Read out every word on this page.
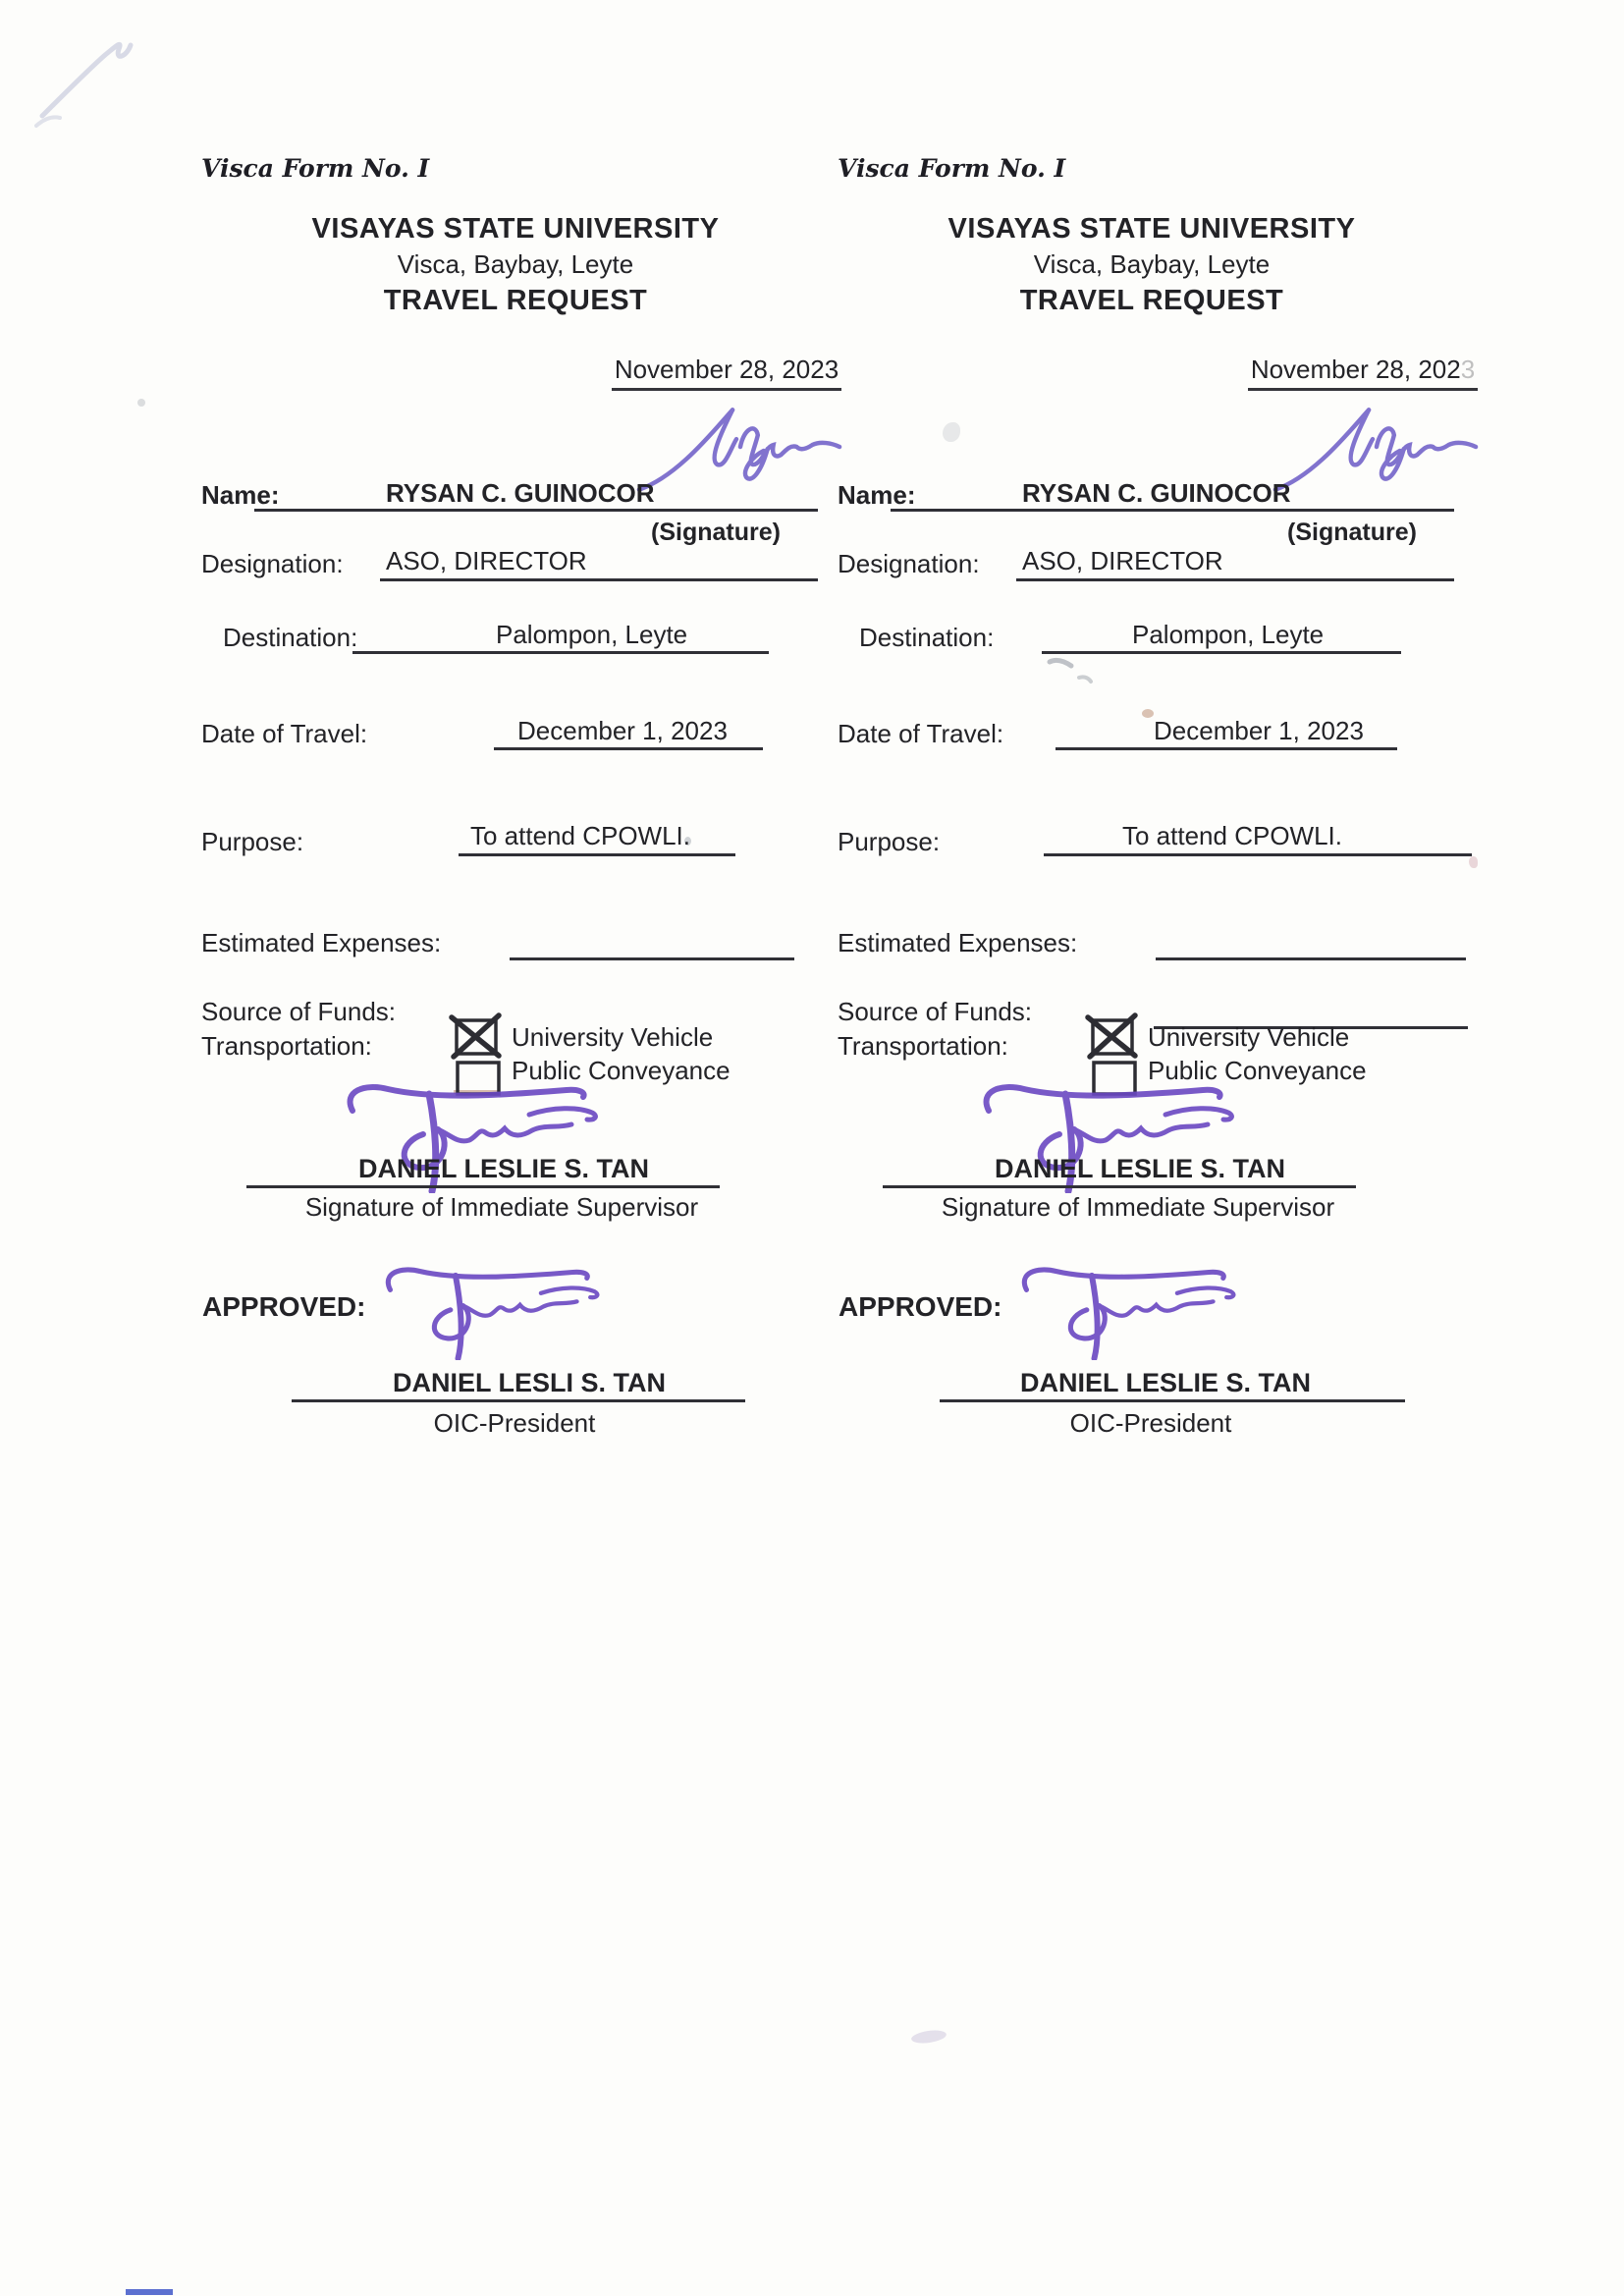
Visca Form No. I
VISAYAS STATE UNIVERSITY
Visca, Baybay, Leyte
TRAVEL REQUEST
November 28, 2023
Name:	RYSAN C. GUINOCOR
(Signature)
Designation: ASO, DIRECTOR
Destination:	Palompon, Leyte
Date of Travel:	December 1, 2023
Purpose:	To attend CPOWLI.
Estimated Expenses:
Source of Funds:
Transportation:	University Vehicle
Public Conveyance
DANIEL LESLIE S. TAN
Signature of Immediate Supervisor
APPROVED:
DANIEL LESLI S. TAN
OIC-President
Visca Form No. I
VISAYAS STATE UNIVERSITY
Visca, Baybay, Leyte
TRAVEL REQUEST
November 28, 2023
Name:	RYSAN C. GUINOCOR
(Signature)
Designation: ASO, DIRECTOR
Destination:	Palompon, Leyte
Date of Travel:	December 1, 2023
Purpose:	To attend CPOWLI.
Estimated Expenses:
Source of Funds:
Transportation:	University Vehicle
Public Conveyance
DANIEL LESLIE S. TAN
Signature of Immediate Supervisor
APPROVED:
DANIEL LESLIE S. TAN
OIC-President
